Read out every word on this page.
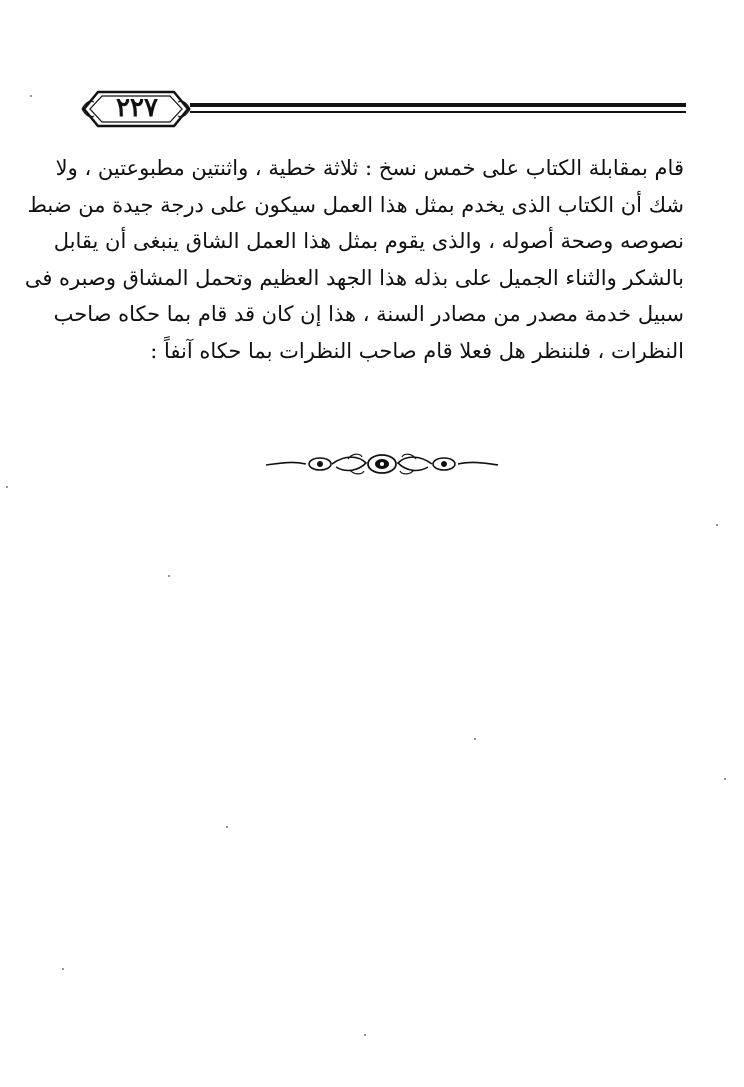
٢٢٧
قام بمقابلة الكتاب على خمس نسخ : ثلاثة خطية ، واثنتين مطبوعتين ، ولا
شك أن الكتاب الذى يخدم بمثل هذا العمل سيكون على درجة جيدة من ضبط
نصوصه وصحة أصوله ، والذى يقوم بمثل هذا العمل الشاق ينبغى أن يقابل
بالشكر والثناء الجميل على بذله هذا الجهد العظيم وتحمل المشاق وصبره فى
سبيل خدمة مصدر من مصادر السنة ، هذا إن كان قد قام بما حكاه صاحب
النظرات ، فلننظر هل فعلا قام صاحب النظرات بما حكاه آنفاً :
